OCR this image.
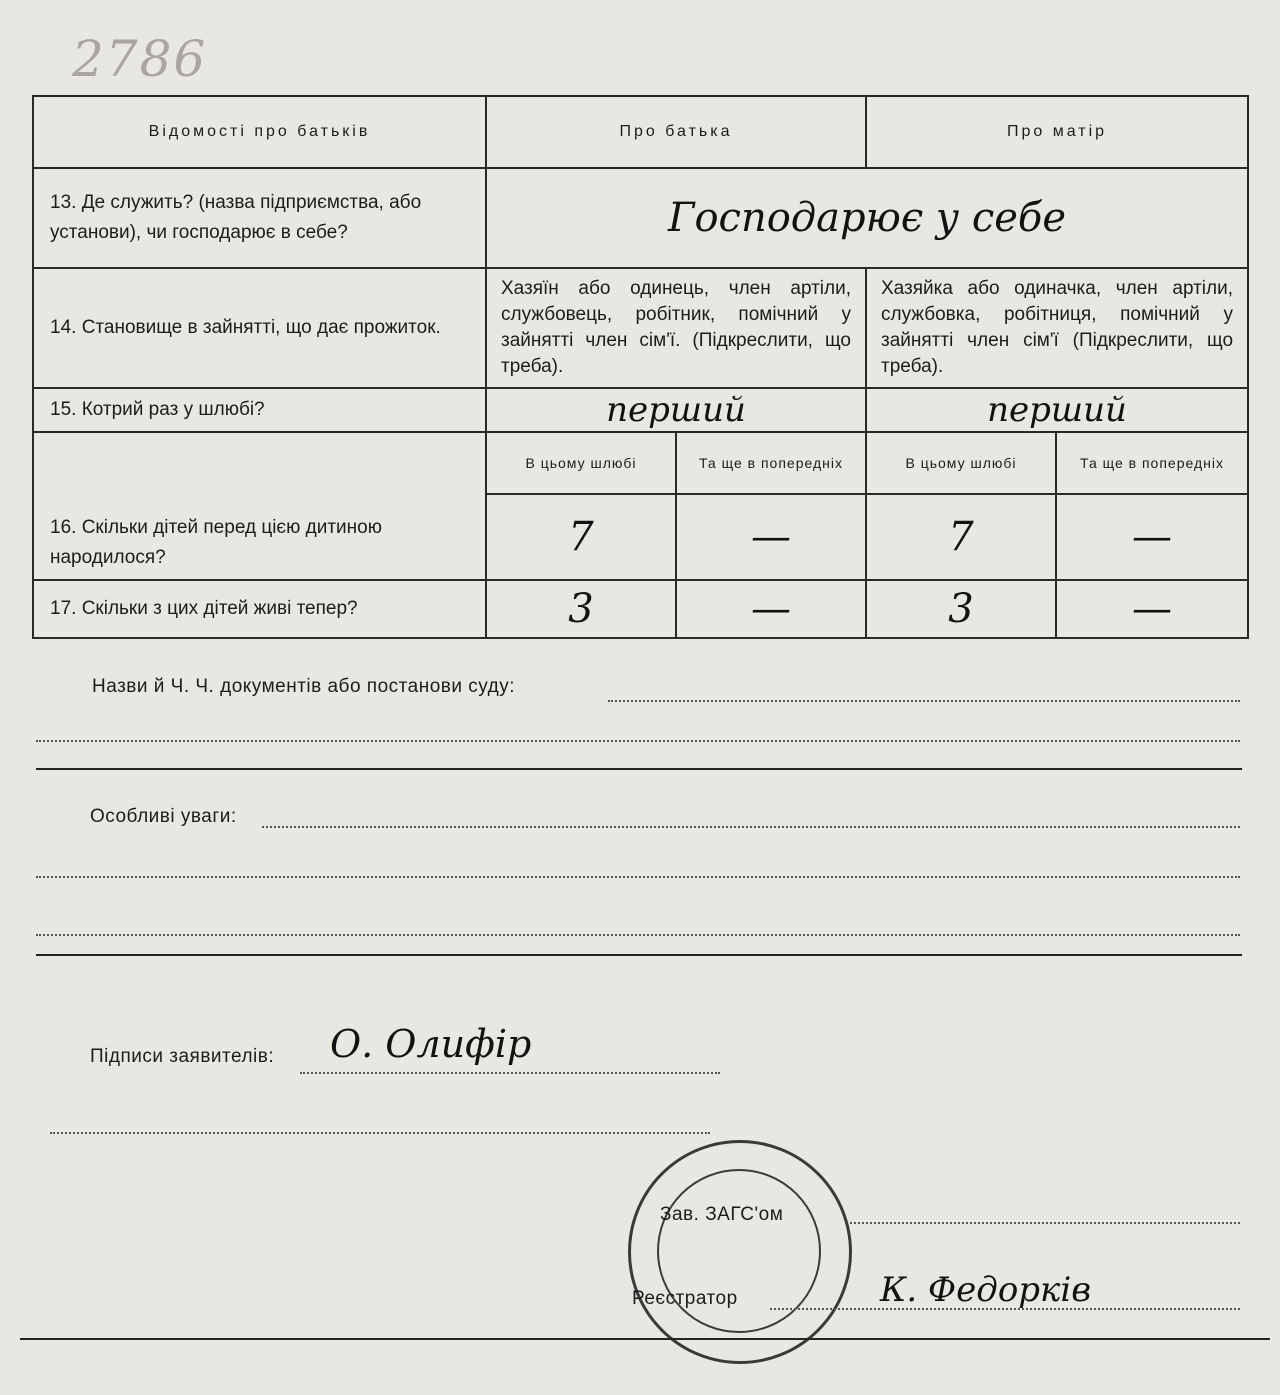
2786
Відомості про батьків	Про батька		Про матір	
13. Де служить? (назва підприємства, або установи), чи господарює в себе?	Господарює у себе			
14. Становище в зайнятті, що дає прожиток.	Хазяїн або одинець, член артіли, службовець, робітник, помічний у зайнятті член сім'ї. (Підкреслити, що треба).		Хазяйка або одиначка, член артіли, службовка, робітниця, помічний у зайнятті член сім'ї (Підкреслити, що треба).	
15. Котрий раз у шлюбі?	перший		перший	
16. Скільки дітей перед цією дитиною народилося?	В цьому шлюбі	Та ще в попередніх	В цьому шлюбі	Та ще в попередніх
	7	—	7	—
17. Скільки з цих дітей живі тепер?	3	—	3	—
Назви й Ч. Ч. документів або постанови суду:
Особливі уваги:
Підписи заявителів: О. Олифір
Зав. ЗАГС'ом
Реєстратор	К. Федорків
